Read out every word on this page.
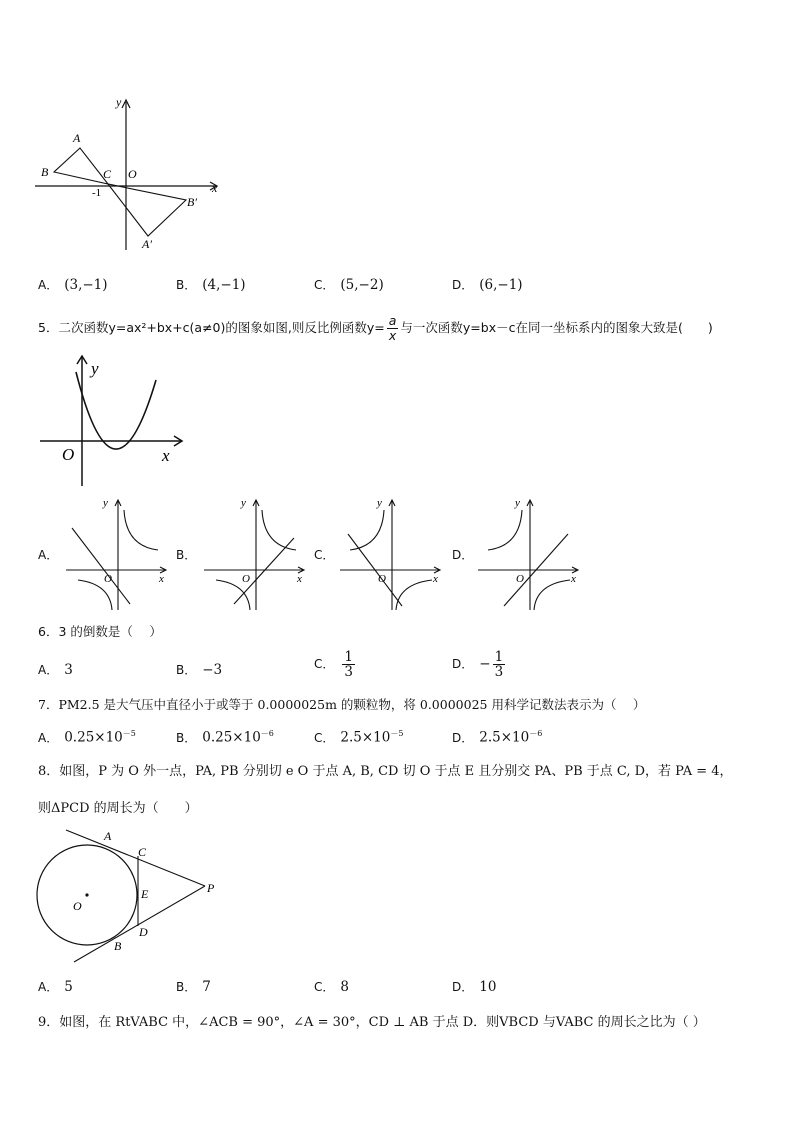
A
B	C O
-1	x
y
B′
A′
A． (3,−1)	B． (4,−1)	C． (5,−2)	D． (6,−1)
5．二次函数y=ax²+bx+c(a≠0)的图象如图,则反比例函数$y= \frac{a}{x}$ 与一次函数y=bx－c在同一坐标系内的图象大致是(　　)
y
x
O
A．
y
x
O
B．
y
x
O
C．
y
x
O
D．
y
x
O
6．3 的倒数是（　 ）
A． 3	B． −3	C． $\frac{1}{3}$	D． − $\frac{1}{3}$
7．PM2.5 是大气压中直径小于或等于 0.0000025m 的颗粒物，将 0.0000025 用科学记数法表示为（　 ）
A． $0.25\times 10^{-5}$	B． $0.25\times 10^{-6}$	C． $2.5\times 10^{-5}$	D． $2.5\times 10^{-6}$
8．如图，P 为 O 外一点，PA, PB 分别切 e O 于点 A, B, CD 切 O 于点 E 且分别交 PA、PB 于点 C, D，若 PA = 4，
则ΔPCD 的周长为（　　）
A
C
E	P
O
D
B
A． 5	B． 7	C． 8	D． 10
9．如图，在 RtVABC 中，∠ACB = 90°，∠A = 30°，CD ⊥ AB 于点 D．则VBCD 与VABC 的周长之比为（ ）
